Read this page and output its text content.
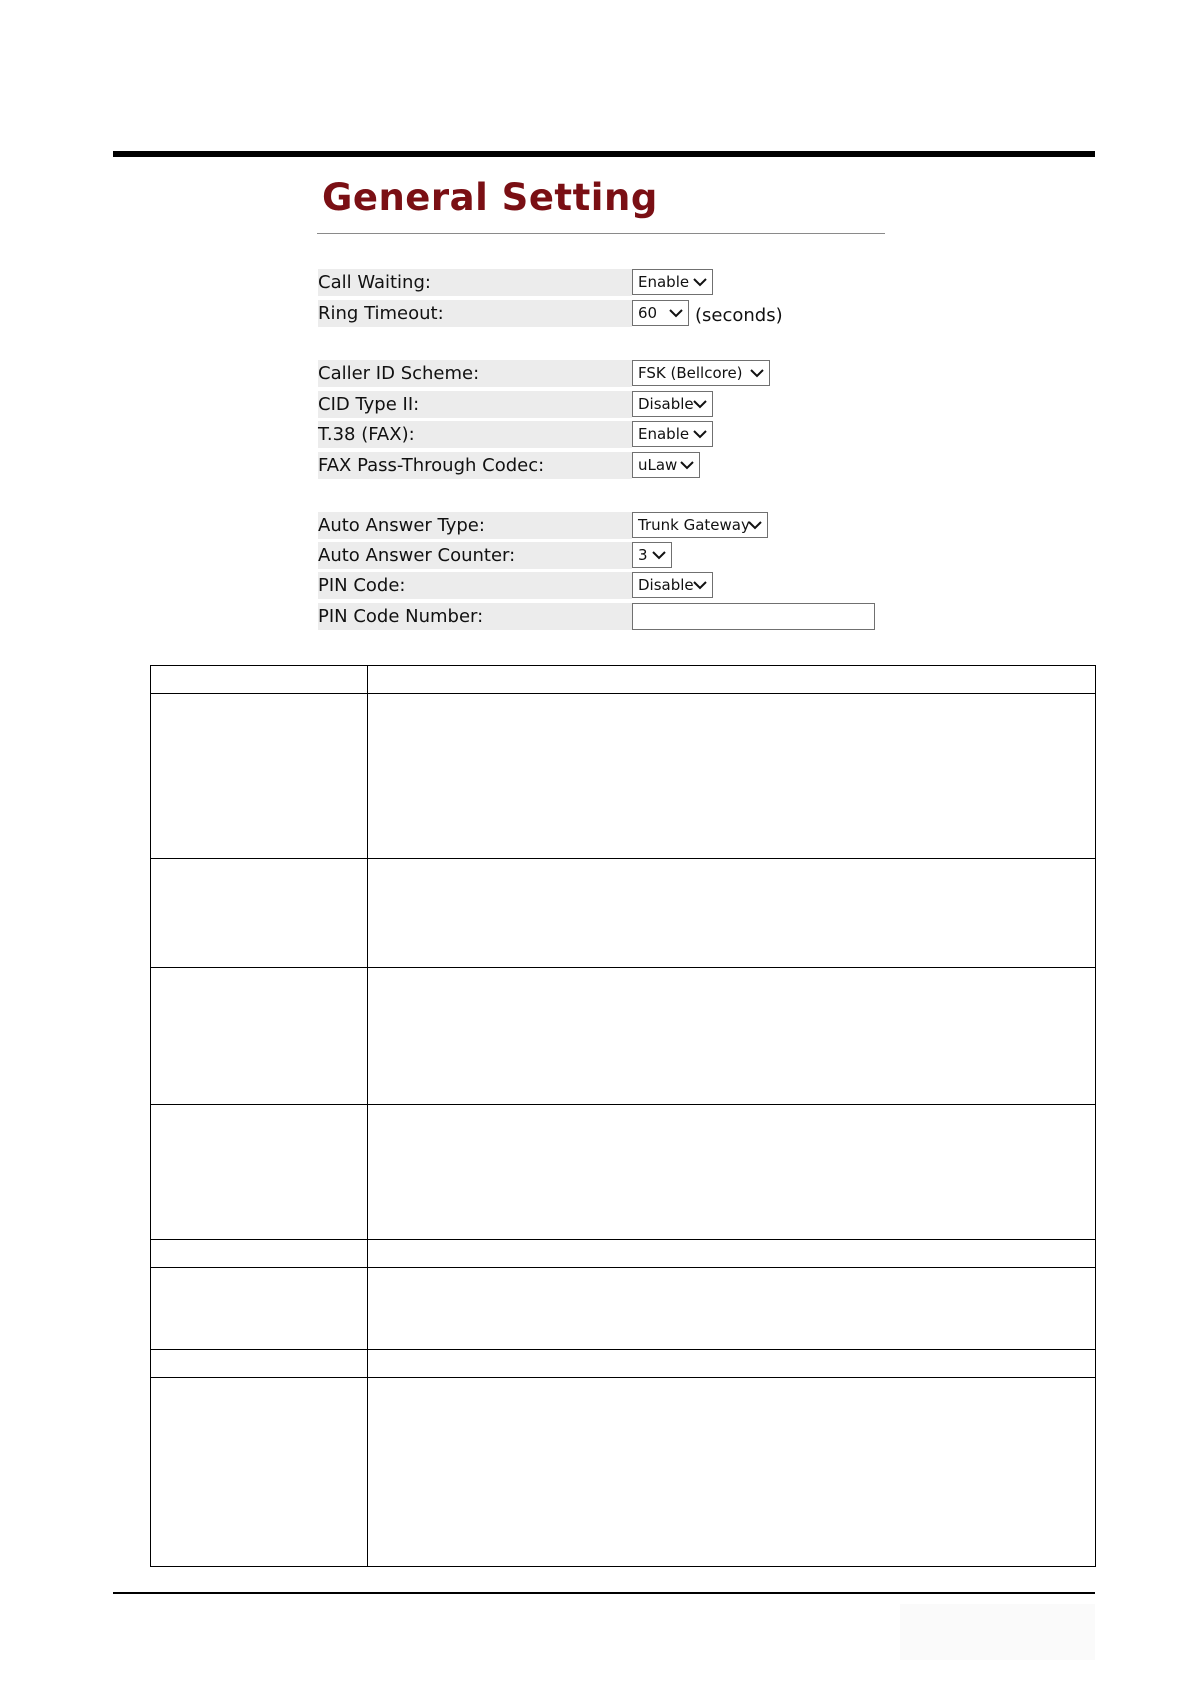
General Setting
Call Waiting:	Enable
Ring Timeout:	60 (seconds)
Caller ID Scheme:	FSK (Bellcore)
CID Type II:	Disable
T.38 (FAX):	Enable
FAX Pass-Through Codec:	uLaw
Auto Answer Type:	Trunk Gateway
Auto Answer Counter:	3
PIN Code:	Disable
PIN Code Number:
